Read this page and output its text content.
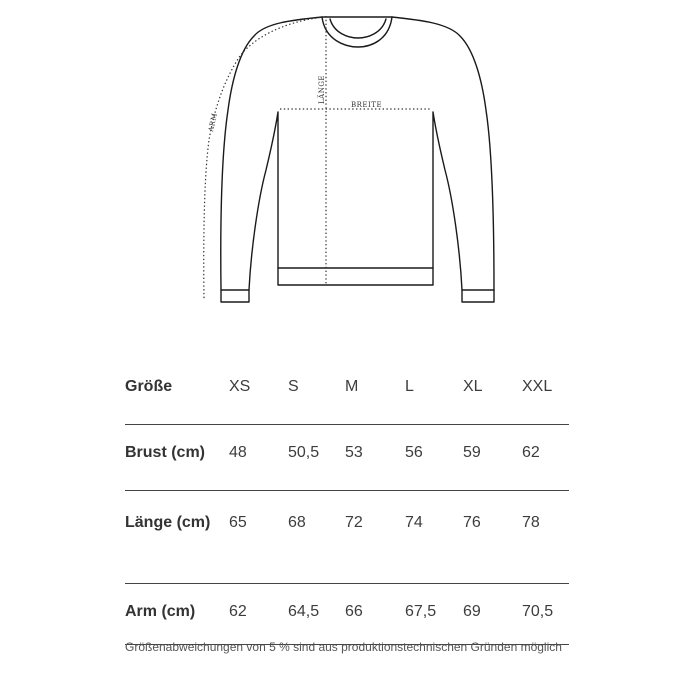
LÄNGE
BREITE
ARM
Größe	XS	S	M	L	XL	XXL
Brust (cm)	48	50,5	53	56	59	62
Länge (cm)	65	68	72	74	76	78
Arm (cm)	62	64,5	66	67,5	69	70,5
Größenabweichungen von 5 % sind aus produktionstechnischen Gründen möglich
